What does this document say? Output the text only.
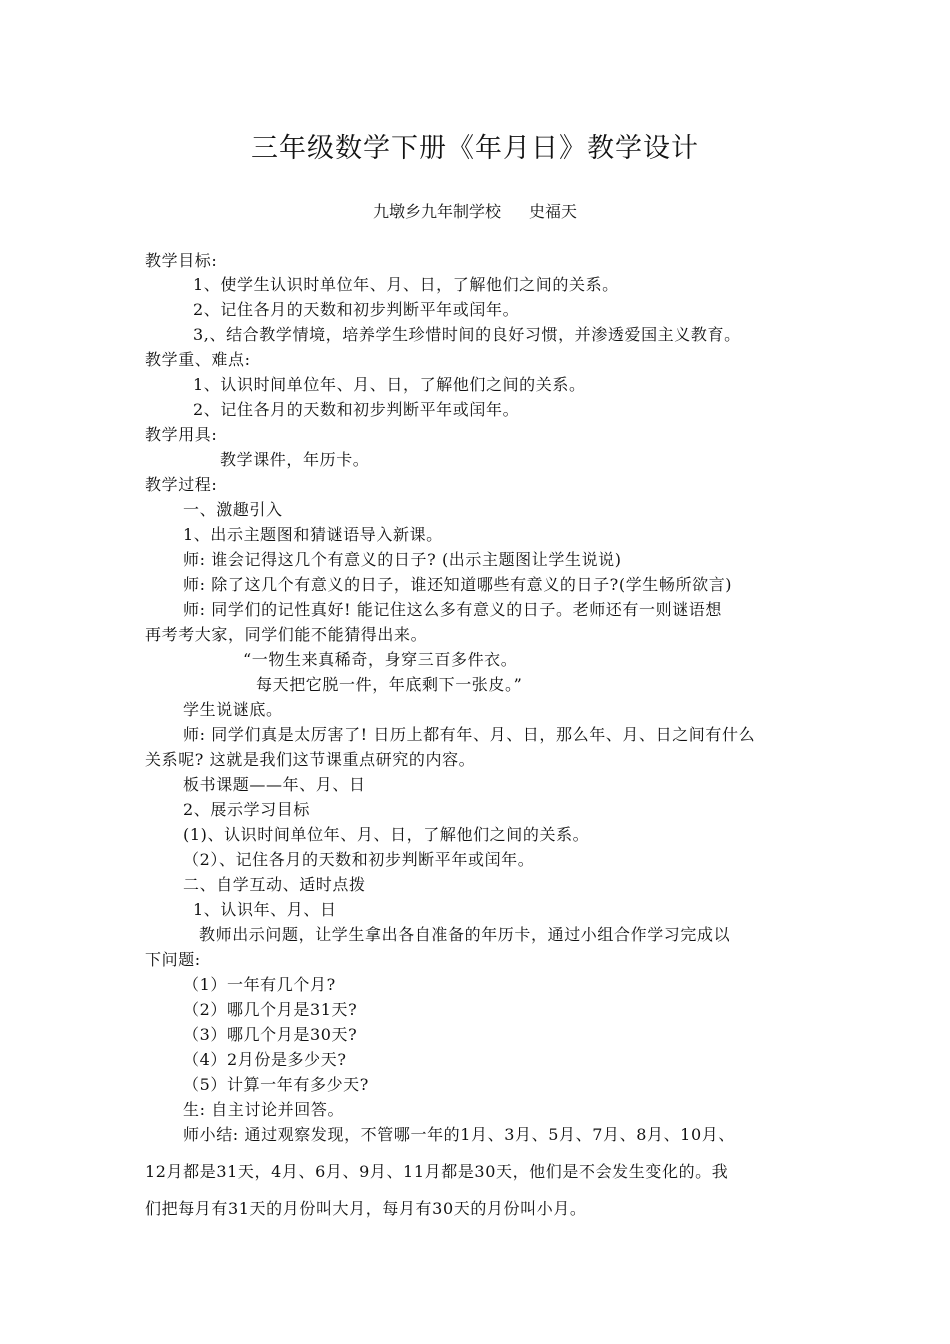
三年级数学下册《年月日》教学设计
九墩乡九年制学校 史福天
教学目标:
1、使学生认识时单位年、月、日，了解他们之间的关系。
2、记住各月的天数和初步判断平年或闰年。
3,、结合教学情境，培养学生珍惜时间的良好习惯，并渗透爱国主义教育。
教学重、难点:
1、认识时间单位年、月、日，了解他们之间的关系。
2、记住各月的天数和初步判断平年或闰年。
教学用具:
教学课件，年历卡。
教学过程:
一、激趣引入
1、出示主题图和猜谜语导入新课。
师: 谁会记得这几个有意义的日子? (出示主题图让学生说说)
师: 除了这几个有意义的日子，谁还知道哪些有意义的日子?(学生畅所欲言)
师: 同学们的记性真好! 能记住这么多有意义的日子。老师还有一则谜语想
再考考大家，同学们能不能猜得出来。
“一物生来真稀奇，身穿三百多件衣。
每天把它脱一件，年底剩下一张皮。”
学生说谜底。
师: 同学们真是太厉害了! 日历上都有年、月、日，那么年、月、日之间有什么
关系呢? 这就是我们这节课重点研究的内容。
板书课题——年、月、日
2、展示学习目标
(1)、认识时间单位年、月、日，了解他们之间的关系。
（2）、记住各月的天数和初步判断平年或闰年。
二、自学互动、适时点拨
1、认识年、月、日
教师出示问题，让学生拿出各自准备的年历卡，通过小组合作学习完成以
下问题:
（1）一年有几个月?
（2）哪几个月是31天?
（3）哪几个月是30天?
（4）2月份是多少天?
（5）计算一年有多少天?
生: 自主讨论并回答。
师小结: 通过观察发现，不管哪一年的1月、3月、5月、7月、8月、10月、
12月都是31天，4月、6月、9月、11月都是30天，他们是不会发生变化的。我
们把每月有31天的月份叫大月，每月有30天的月份叫小月。
